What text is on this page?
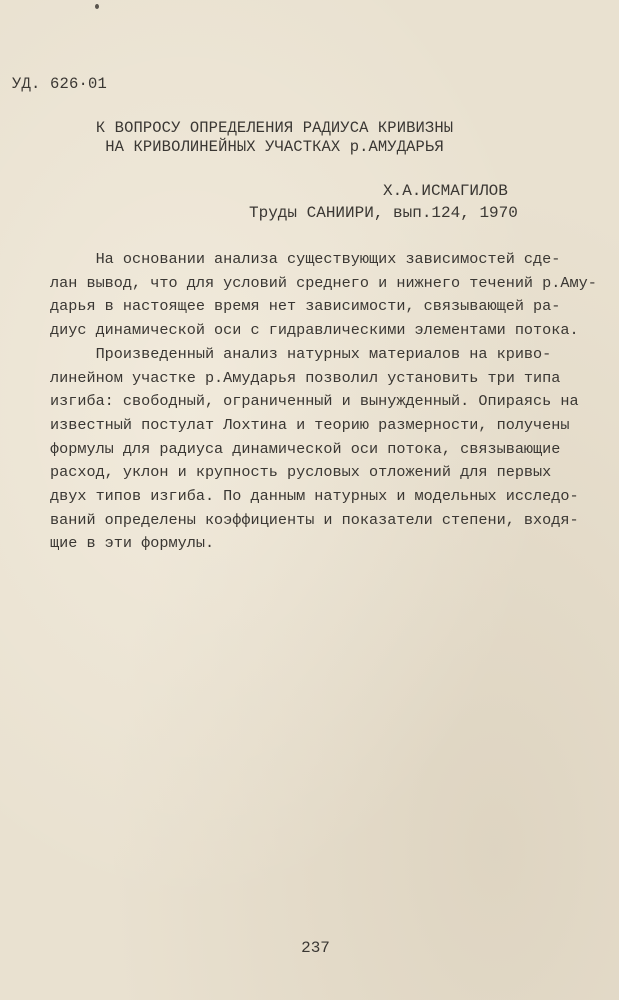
УД. 626·01
К ВОПРОСУ ОПРЕДЕЛЕНИЯ РАДИУСА КРИВИЗНЫ
НА КРИВОЛИНЕЙНЫХ УЧАСТКАХ р.АМУДАРЬЯ
Х.А.ИСМАГИЛОВ
Труды САНИИРИ, вып.124, 1970

На основании анализа существующих зависимостей сде-
лан вывод, что для условий среднего и нижнего течений р.Аму-
дарья в настоящее время нет зависимости, связывающей ра-
диус динамической оси с гидравлическими элементами потока.
Произведенный анализ натурных материалов на криво-
линейном участке р.Амударья позволил установить три типа
изгиба: свободный, ограниченный и вынужденный. Опираясь на
известный постулат Лохтина и теорию размерности, получены
формулы для радиуса динамической оси потока, связывающие
расход, уклон и крупность русловых отложений для первых
двух типов изгиба. По данным натурных и модельных исследо-
ваний определены коэффициенты и показатели степени, входя-
щие в эти формулы.

237
